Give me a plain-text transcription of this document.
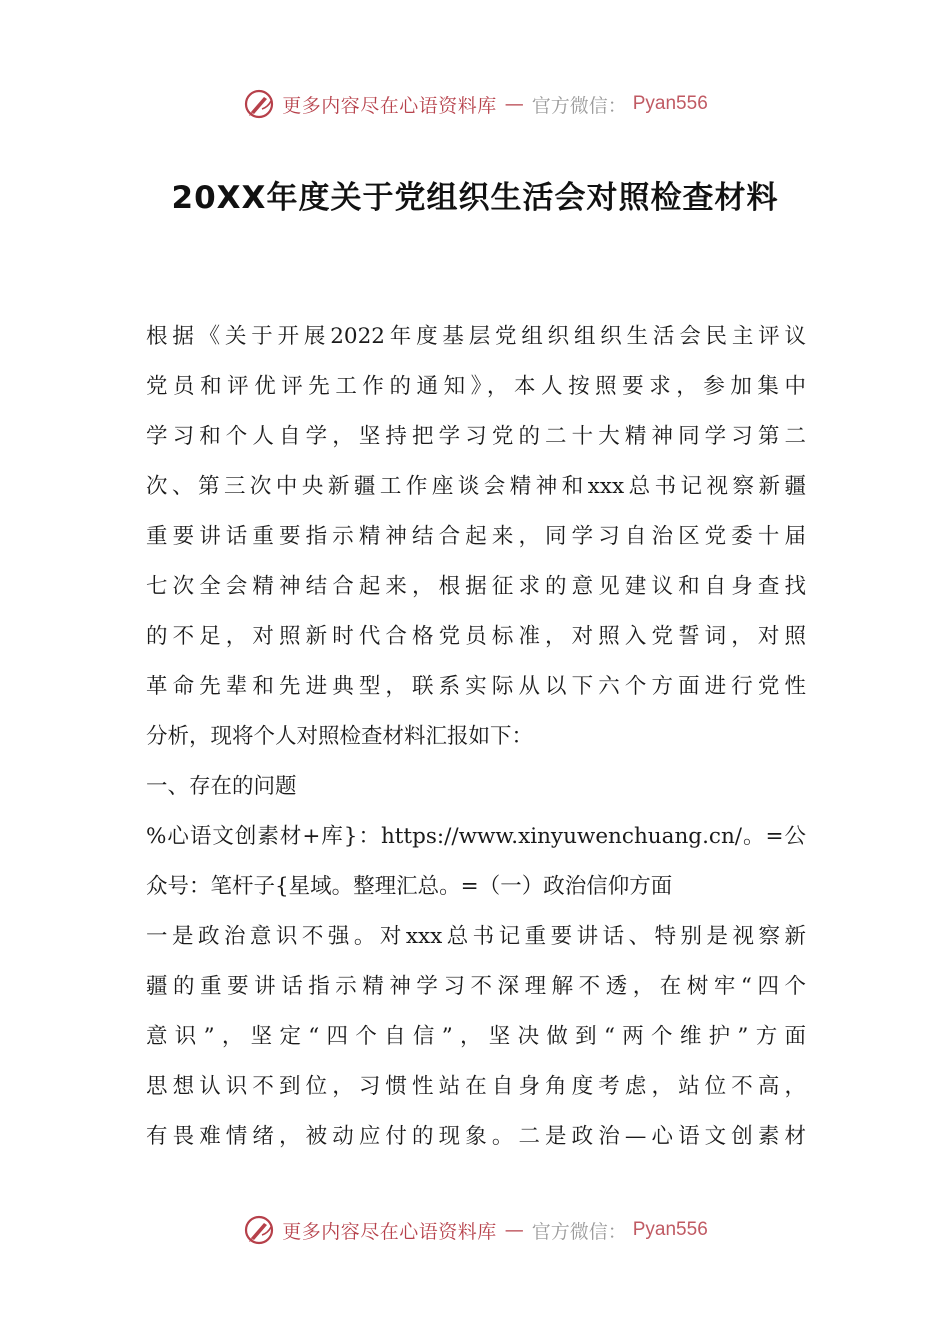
更多内容尽在心语资料库 — 官方微信： Pyan556
20XX年度关于党组织生活会对照检查材料
根据《关于开展2022年度基层党组织组织生活会民主评议
党员和评优评先工作的通知》，本人按照要求，参加集中
学习和个人自学，坚持把学习党的二十大精神同学习第二
次、第三次中央新疆工作座谈会精神和xxx总书记视察新疆
重要讲话重要指示精神结合起来，同学习自治区党委十届
七次全会精神结合起来，根据征求的意见建议和自身查找
的不足，对照新时代合格党员标准，对照入党誓词，对照
革命先辈和先进典型，联系实际从以下六个方面进行党性
分析，现将个人对照检查材料汇报如下：
一、存在的问题
%心语文创素材+库}：https://www.xinyuwenchuang.cn/。=公
众号：笔杆子{星域。整理汇总。=（一）政治信仰方面
一是政治意识不强。对xxx总书记重要讲话、特别是视察新
疆的重要讲话指示精神学习不深理解不透，在树牢“四个
意识”，坚定“四个自信”，坚决做到“两个维护”方面
思想认识不到位，习惯性站在自身角度考虑，站位不高，
有畏难情绪，被动应付的现象。二是政治—心语文创素材
更多内容尽在心语资料库 — 官方微信： Pyan556
